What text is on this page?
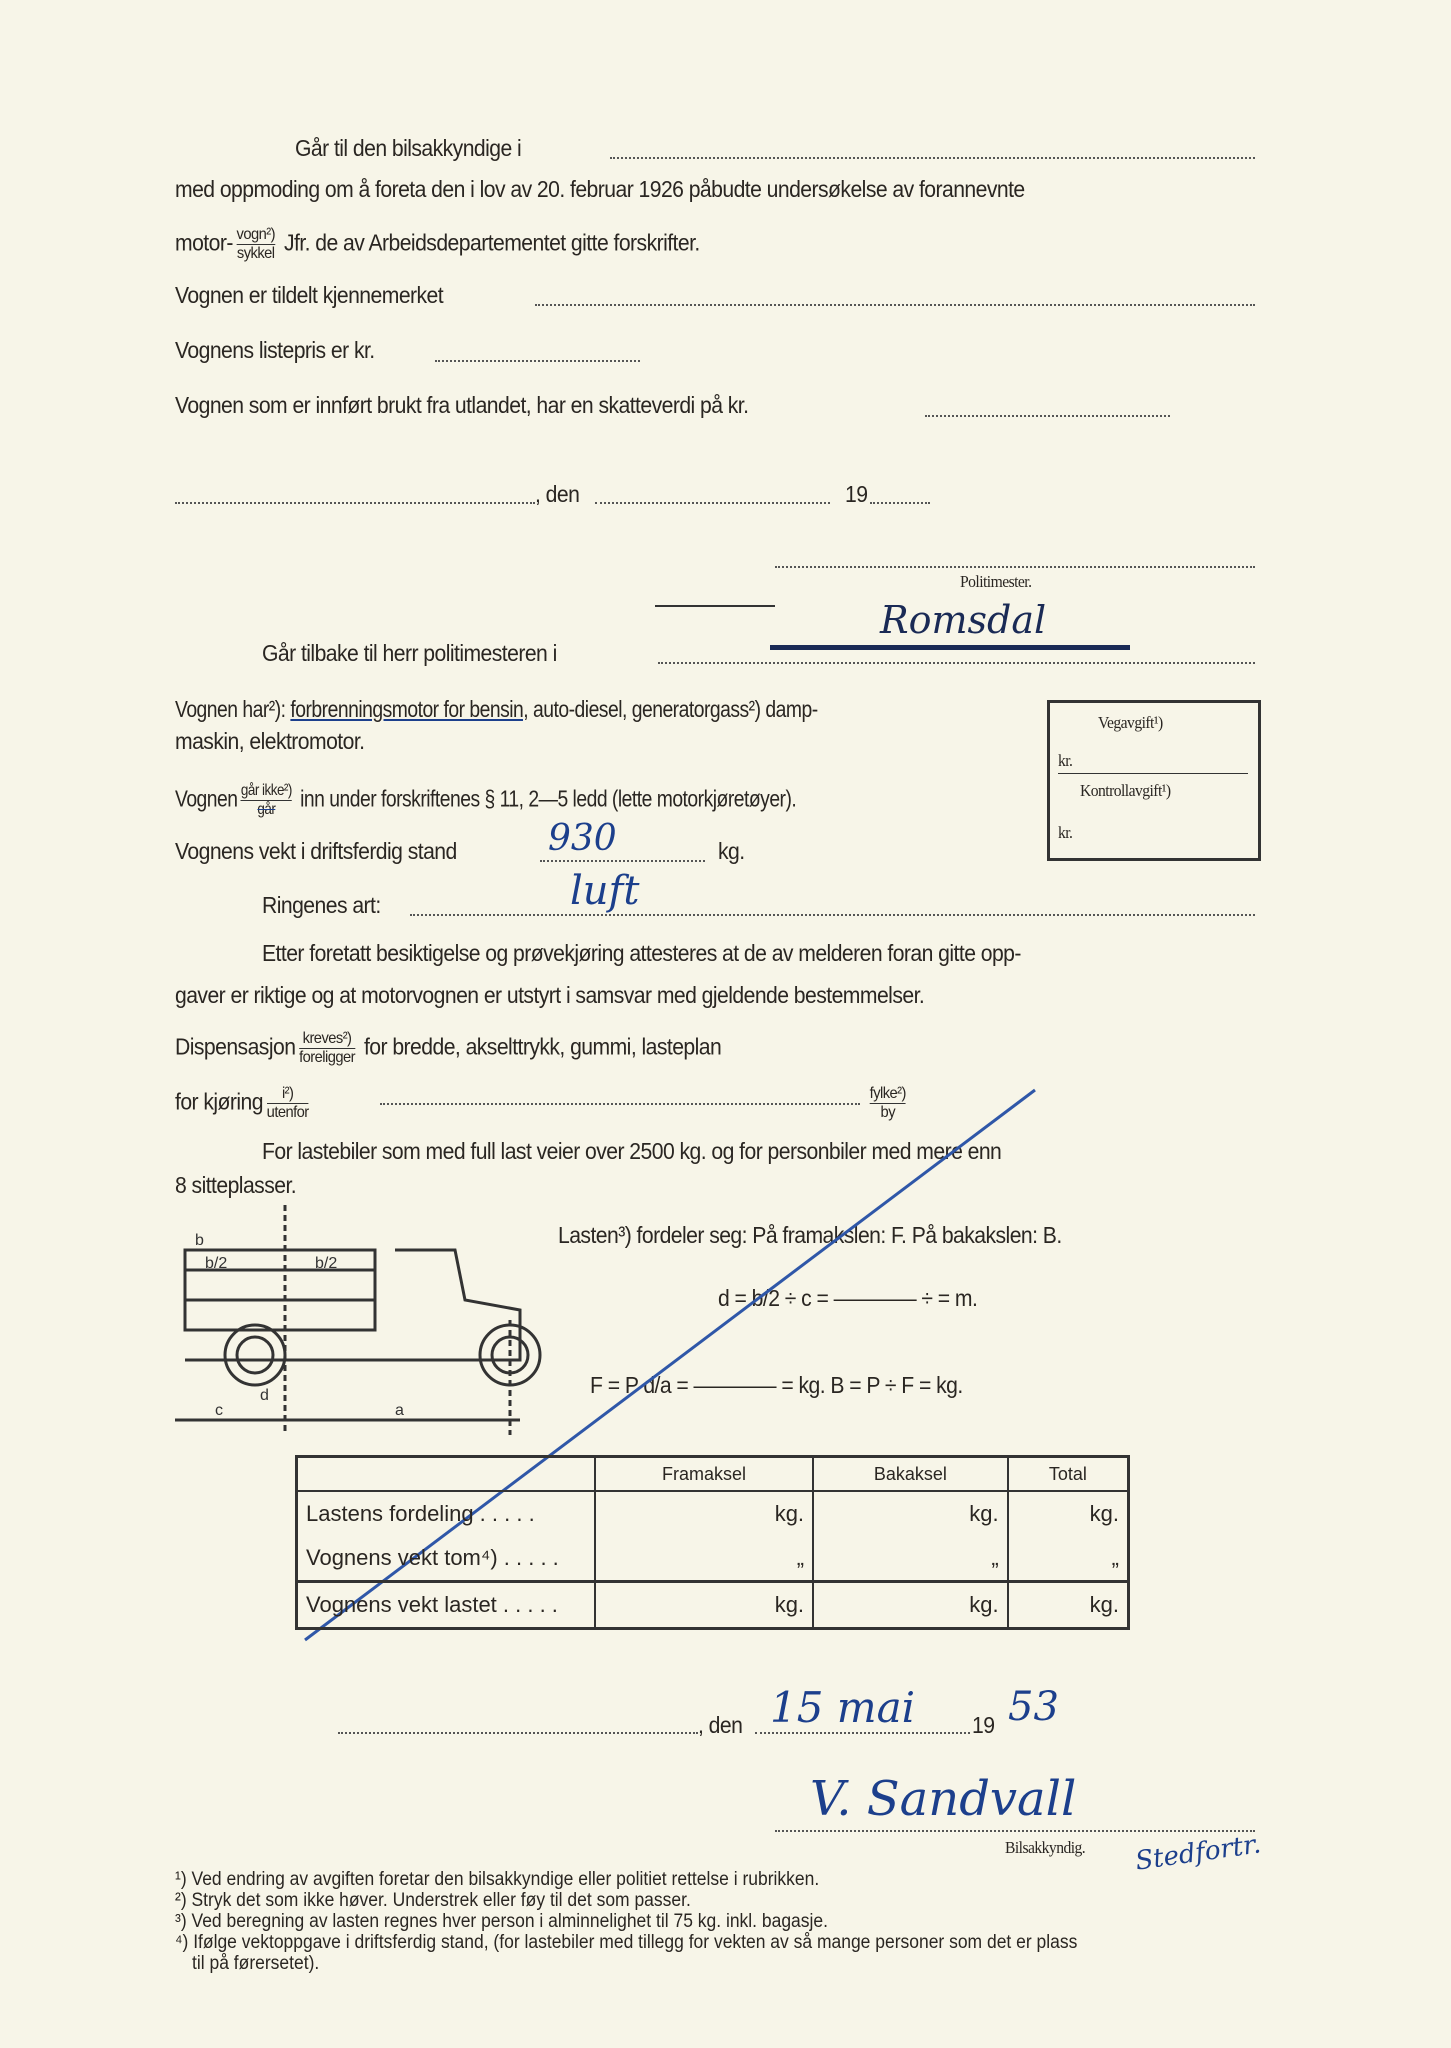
Går til den bilsakkyndige i
med oppmoding om å foreta den i lov av 20. februar 1926 påbudte undersøkelse av forannevnte
motor- $\frac{\text{vogn²)}}{\text{sykkel}}$ Jfr. de av Arbeidsdepartementet gitte forskrifter.
Vognen er tildelt kjennemerket
Vognens listepris er kr.
Vognen som er innført brukt fra utlandet, har en skatteverdi på kr.
, den	19
Politimester.
Romsdal
Går tilbake til herr politimesteren i
Vegavgift¹)
kr.
Kontrollavgift¹)
kr.
Vognen har²): forbrenningsmotor for bensin, auto-diesel, generatorgass²) damp-
maskin, elektromotor.
Vognen $\frac{\text{går ikke²)}}{\text{går}}$ inn under forskriftenes § 11, 2—5 ledd (lette motorkjøretøyer).
Vognens vekt i driftsferdig stand	930	kg.
Ringenes art:	luft
Etter foretatt besiktigelse og prøvekjøring attesteres at de av melderen foran gitte opp-
gaver er riktige og at motorvognen er utstyrt i samsvar med gjeldende bestemmelser.
Dispensasjon $\frac{\text{kreves²)}}{\text{foreligger}}$ for bredde, akselttrykk, gummi, lasteplan
for kjøring $\frac{\text{i²)}}{\text{utenfor}}$	$\frac{\text{fylke²)}}{by}$
For lastebiler som med full last veier over 2500 kg. og for personbiler med mere enn
8 sitteplasser.
b
b/2	b/2
c
d
a
Lasten³) fordeler seg: På framakslen: F. På bakakslen: B.
d = b/2 ÷ c = ———— ÷ = m.
F = P d/a = ———— = kg. B = P ÷ F = kg.
	Framaksel	Bakaksel	Total
Lastens fordeling . . . . .	kg.	kg.	kg.
Vognens vekt tom⁴) . . . . .	„	„	„
Vognens vekt lastet . . . . .	kg.	kg.	kg.
, den 15 mai 19 53
V. Sandvall
Bilsakkyndig. Stedfortr.
¹) Ved endring av avgiften foretar den bilsakkyndige eller politiet rettelse i rubrikken.
²) Stryk det som ikke høver. Understrek eller føy til det som passer.
³) Ved beregning av lasten regnes hver person i alminnelighet til 75 kg. inkl. bagasje.
⁴) Ifølge vektoppgave i driftsferdig stand, (for lastebiler med tillegg for vekten av så mange personer som det er plass
til på førersetet).
